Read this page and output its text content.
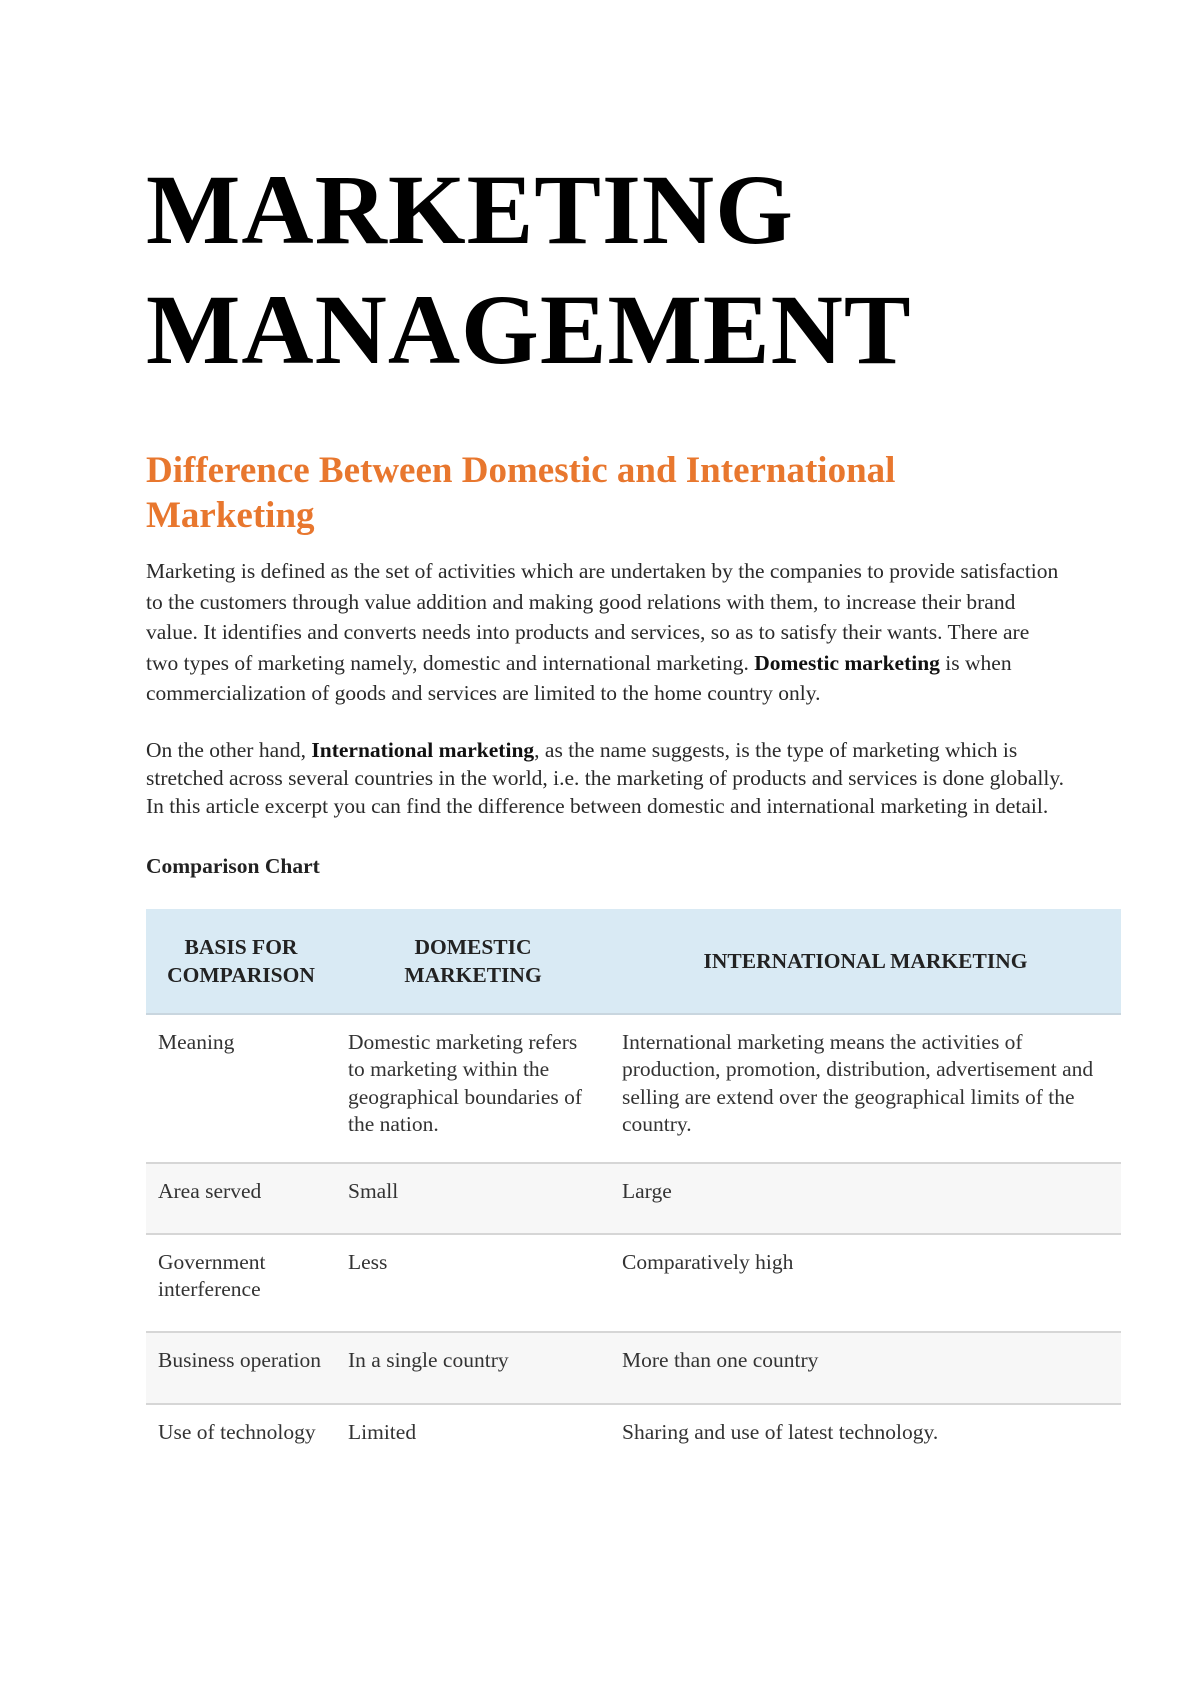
MARKETING
MANAGEMENT
Difference Between Domestic and International Marketing

Marketing is defined as the set of activities which are undertaken by the companies to provide satisfaction to the customers through value addition and making good relations with them, to increase their brand value. It identifies and converts needs into products and services, so as to satisfy their wants. There are two types of marketing namely, domestic and international marketing. Domestic marketing is when commercialization of goods and services are limited to the home country only.

On the other hand, International marketing, as the name suggests, is the type of marketing which is stretched across several countries in the world, i.e. the marketing of products and services is done globally. In this article excerpt you can find the difference between domestic and international marketing in detail.

Comparison Chart

BASIS FOR COMPARISON	DOMESTIC MARKETING	INTERNATIONAL MARKETING
Meaning	Domestic marketing refers to marketing within the geographical boundaries of the nation.	International marketing means the activities of production, promotion, distribution, advertisement and selling are extend over the geographical limits of the country.
Area served	Small	Large
Government interference	Less	Comparatively high
Business operation	In a single country	More than one country
Use of technology	Limited	Sharing and use of latest technology.
